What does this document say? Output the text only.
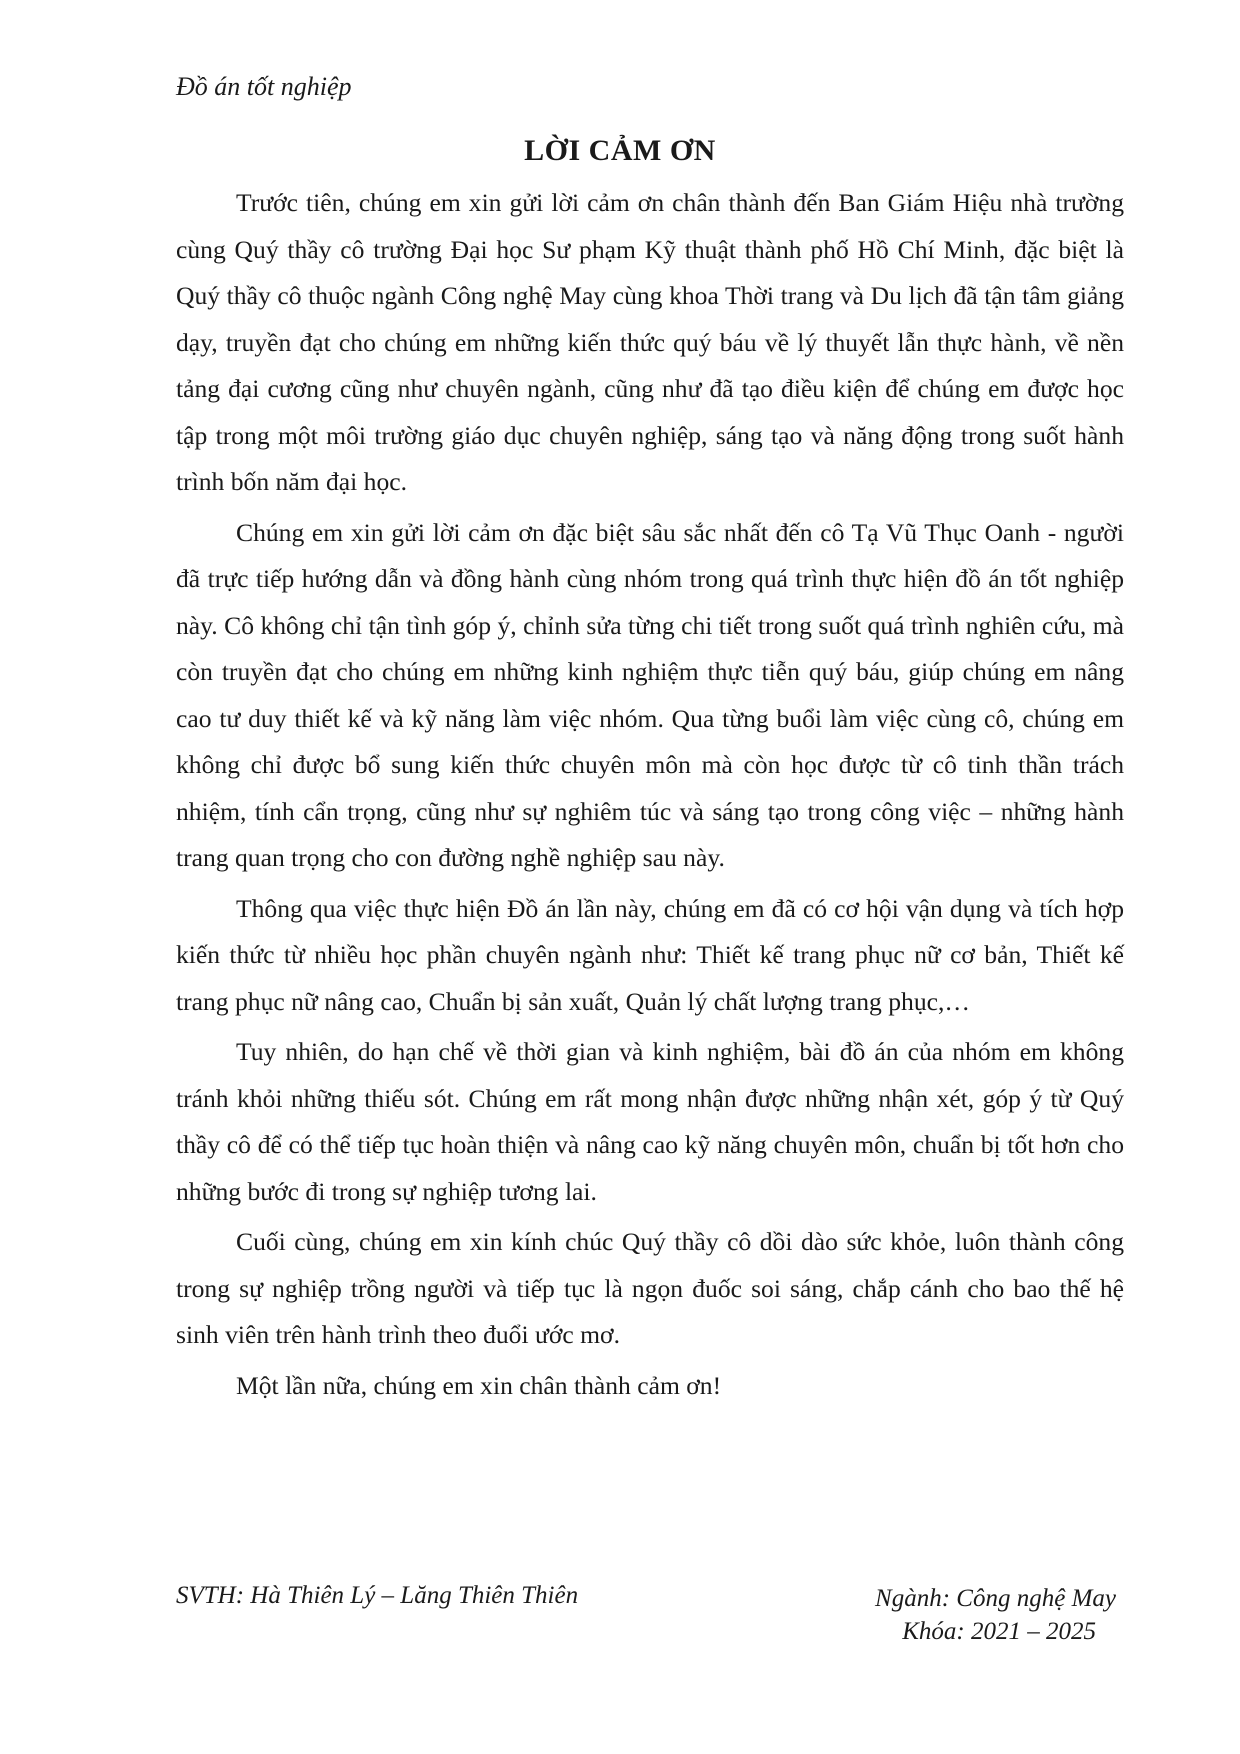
Đồ án tốt nghiệp
LỜI CẢM ƠN

Trước tiên, chúng em xin gửi lời cảm ơn chân thành đến Ban Giám Hiệu nhà trường cùng Quý thầy cô trường Đại học Sư phạm Kỹ thuật thành phố Hồ Chí Minh, đặc biệt là Quý thầy cô thuộc ngành Công nghệ May cùng khoa Thời trang và Du lịch đã tận tâm giảng dạy, truyền đạt cho chúng em những kiến thức quý báu về lý thuyết lẫn thực hành, về nền tảng đại cương cũng như chuyên ngành, cũng như đã tạo điều kiện để chúng em được học tập trong một môi trường giáo dục chuyên nghiệp, sáng tạo và năng động trong suốt hành trình bốn năm đại học.

Chúng em xin gửi lời cảm ơn đặc biệt sâu sắc nhất đến cô Tạ Vũ Thục Oanh - người đã trực tiếp hướng dẫn và đồng hành cùng nhóm trong quá trình thực hiện đồ án tốt nghiệp này. Cô không chỉ tận tình góp ý, chỉnh sửa từng chi tiết trong suốt quá trình nghiên cứu, mà còn truyền đạt cho chúng em những kinh nghiệm thực tiễn quý báu, giúp chúng em nâng cao tư duy thiết kế và kỹ năng làm việc nhóm. Qua từng buổi làm việc cùng cô, chúng em không chỉ được bổ sung kiến thức chuyên môn mà còn học được từ cô tinh thần trách nhiệm, tính cẩn trọng, cũng như sự nghiêm túc và sáng tạo trong công việc – những hành trang quan trọng cho con đường nghề nghiệp sau này.

Thông qua việc thực hiện Đồ án lần này, chúng em đã có cơ hội vận dụng và tích hợp kiến thức từ nhiều học phần chuyên ngành như: Thiết kế trang phục nữ cơ bản, Thiết kế trang phục nữ nâng cao, Chuẩn bị sản xuất, Quản lý chất lượng trang phục,…

Tuy nhiên, do hạn chế về thời gian và kinh nghiệm, bài đồ án của nhóm em không tránh khỏi những thiếu sót. Chúng em rất mong nhận được những nhận xét, góp ý từ Quý thầy cô để có thể tiếp tục hoàn thiện và nâng cao kỹ năng chuyên môn, chuẩn bị tốt hơn cho những bước đi trong sự nghiệp tương lai.

Cuối cùng, chúng em xin kính chúc Quý thầy cô dồi dào sức khỏe, luôn thành công trong sự nghiệp trồng người và tiếp tục là ngọn đuốc soi sáng, chắp cánh cho bao thế hệ sinh viên trên hành trình theo đuổi ước mơ.

Một lần nữa, chúng em xin chân thành cảm ơn!

SVTH: Hà Thiên Lý – Lăng Thiên Thiên	Ngành: Công nghệ May

Khóa: 2021 – 2025
